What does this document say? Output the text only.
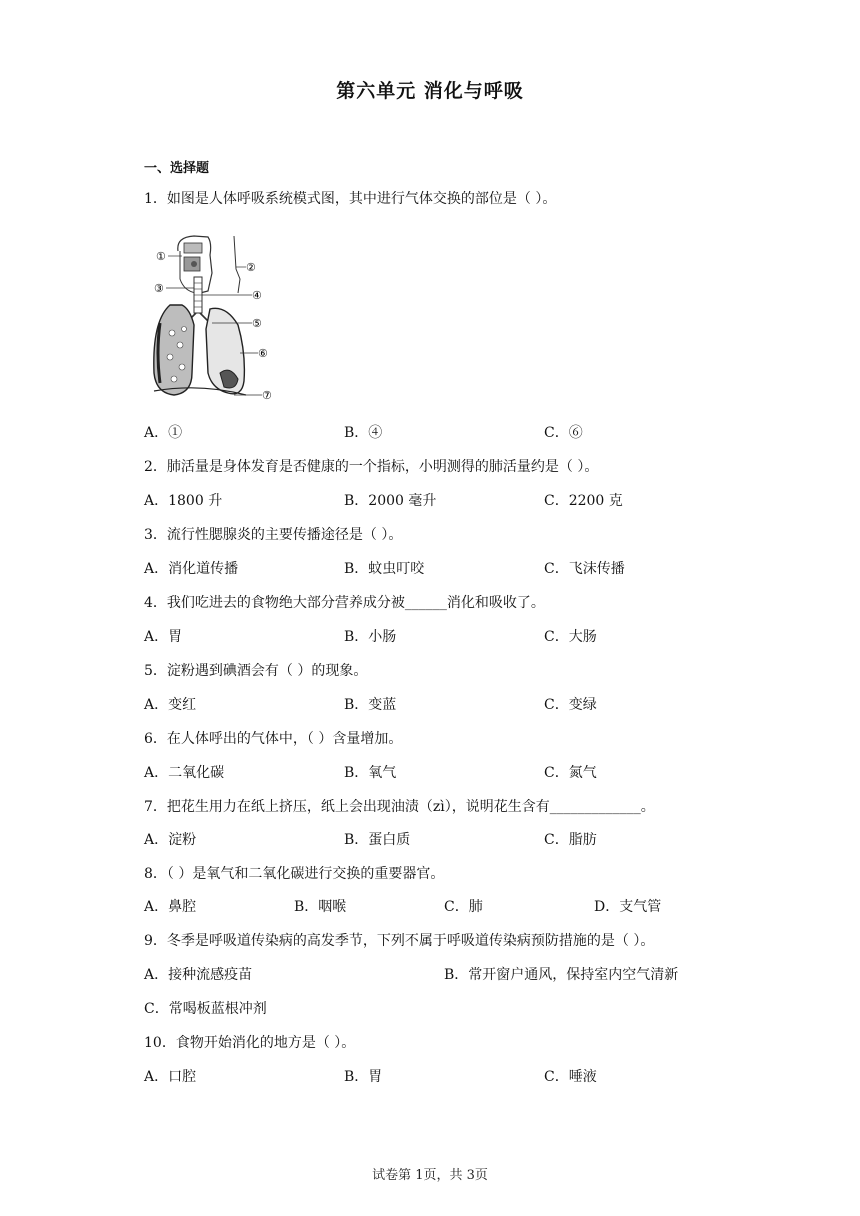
第六单元 消化与呼吸
一、选择题
1．如图是人体呼吸系统模式图，其中进行气体交换的部位是（ ）。
①
②
③
④
⑤
⑥
⑦
A．①	B．④	C．⑥
2．肺活量是身体发育是否健康的一个指标，小明测得的肺活量约是（ ）。
A．1800 升	B．2000 毫升	C．2200 克
3．流行性腮腺炎的主要传播途径是（ ）。
A．消化道传播	B．蚊虫叮咬	C．飞沫传播
4．我们吃进去的食物绝大部分营养成分被______消化和吸收了。
A．胃	B．小肠	C．大肠
5．淀粉遇到碘酒会有（ ）的现象。
A．变红	B．变蓝	C．变绿
6．在人体呼出的气体中，（ ）含量增加。
A．二氧化碳	B．氧气	C．氮气
7．把花生用力在纸上挤压，纸上会出现油渍（zì），说明花生含有_____________。
A．淀粉	B．蛋白质	C．脂肪
8．（ ）是氧气和二氧化碳进行交换的重要器官。
A．鼻腔	B．咽喉	C．肺	D．支气管
9．冬季是呼吸道传染病的高发季节，下列不属于呼吸道传染病预防措施的是（ ）。
A．接种流感疫苗	B．常开窗户通风，保持室内空气清新
C．常喝板蓝根冲剂
10．食物开始消化的地方是（ ）。
A．口腔	B．胃	C．唾液
试卷第 1页，共 3页
